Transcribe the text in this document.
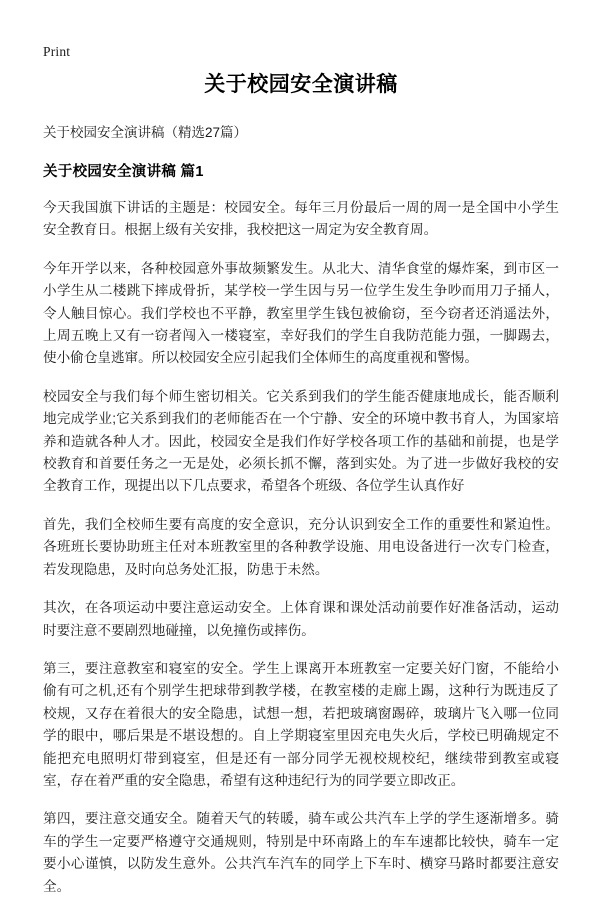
Print
关于校园安全演讲稿
关于校园安全演讲稿（精选27篇）
关于校园安全演讲稿 篇1

今天我国旗下讲话的主题是：校园安全。每年三月份最后一周的周一是全国中小学生安全教育日。根据上级有关安排，我校把这一周定为安全教育周。

今年开学以来，各种校园意外事故频繁发生。从北大、清华食堂的爆炸案，到市区一小学生从二楼跳下摔成骨折，某学校一学生因与另一位学生发生争吵而用刀子捅人，令人触目惊心。我们学校也不平静，教室里学生钱包被偷窃，至今窃者还消遥法外，上周五晚上又有一窃者闯入一楼寝室，幸好我们的学生自我防范能力强，一脚踢去，使小偷仓皇逃窜。所以校园安全应引起我们全体师生的高度重视和警惕。

校园安全与我们每个师生密切相关。它关系到我们的学生能否健康地成长，能否顺利地完成学业;它关系到我们的老师能否在一个宁静、安全的环境中教书育人，为国家培养和造就各种人才。因此，校园安全是我们作好学校各项工作的基础和前提，也是学校教育和首要任务之一无是处，必须长抓不懈，落到实处。为了进一步做好我校的安全教育工作，现提出以下几点要求，希望各个班级、各位学生认真作好

首先，我们全校师生要有高度的安全意识，充分认识到安全工作的重要性和紧迫性。各班班长要协助班主任对本班教室里的各种教学设施、用电设备进行一次专门检查，若发现隐患，及时向总务处汇报，防患于未然。

其次，在各项运动中要注意运动安全。上体育课和课处活动前要作好准备活动，运动时要注意不要剧烈地碰撞，以免撞伤或摔伤。

第三，要注意教室和寝室的安全。学生上课离开本班教室一定要关好门窗，不能给小偷有可之机,还有个别学生把球带到教学楼，在教室楼的走廊上踢，这种行为既违反了校规，又存在着很大的安全隐患，试想一想，若把玻璃窗踢碎，玻璃片飞入哪一位同学的眼中，哪后果是不堪设想的。自上学期寝室里因充电失火后，学校已明确规定不能把充电照明灯带到寝室，但是还有一部分同学无视校规校纪，继续带到教室或寝室，存在着严重的安全隐患，希望有这种违纪行为的同学要立即改正。

第四，要注意交通安全。随着天气的转暖，骑车或公共汽车上学的学生逐渐增多。骑车的学生一定要严格遵守交通规则，特别是中环南路上的车车速都比较快，骑车一定要小心谨慎，以防发生意外。公共汽车汽车的同学上下车时、横穿马路时都要注意安全。
